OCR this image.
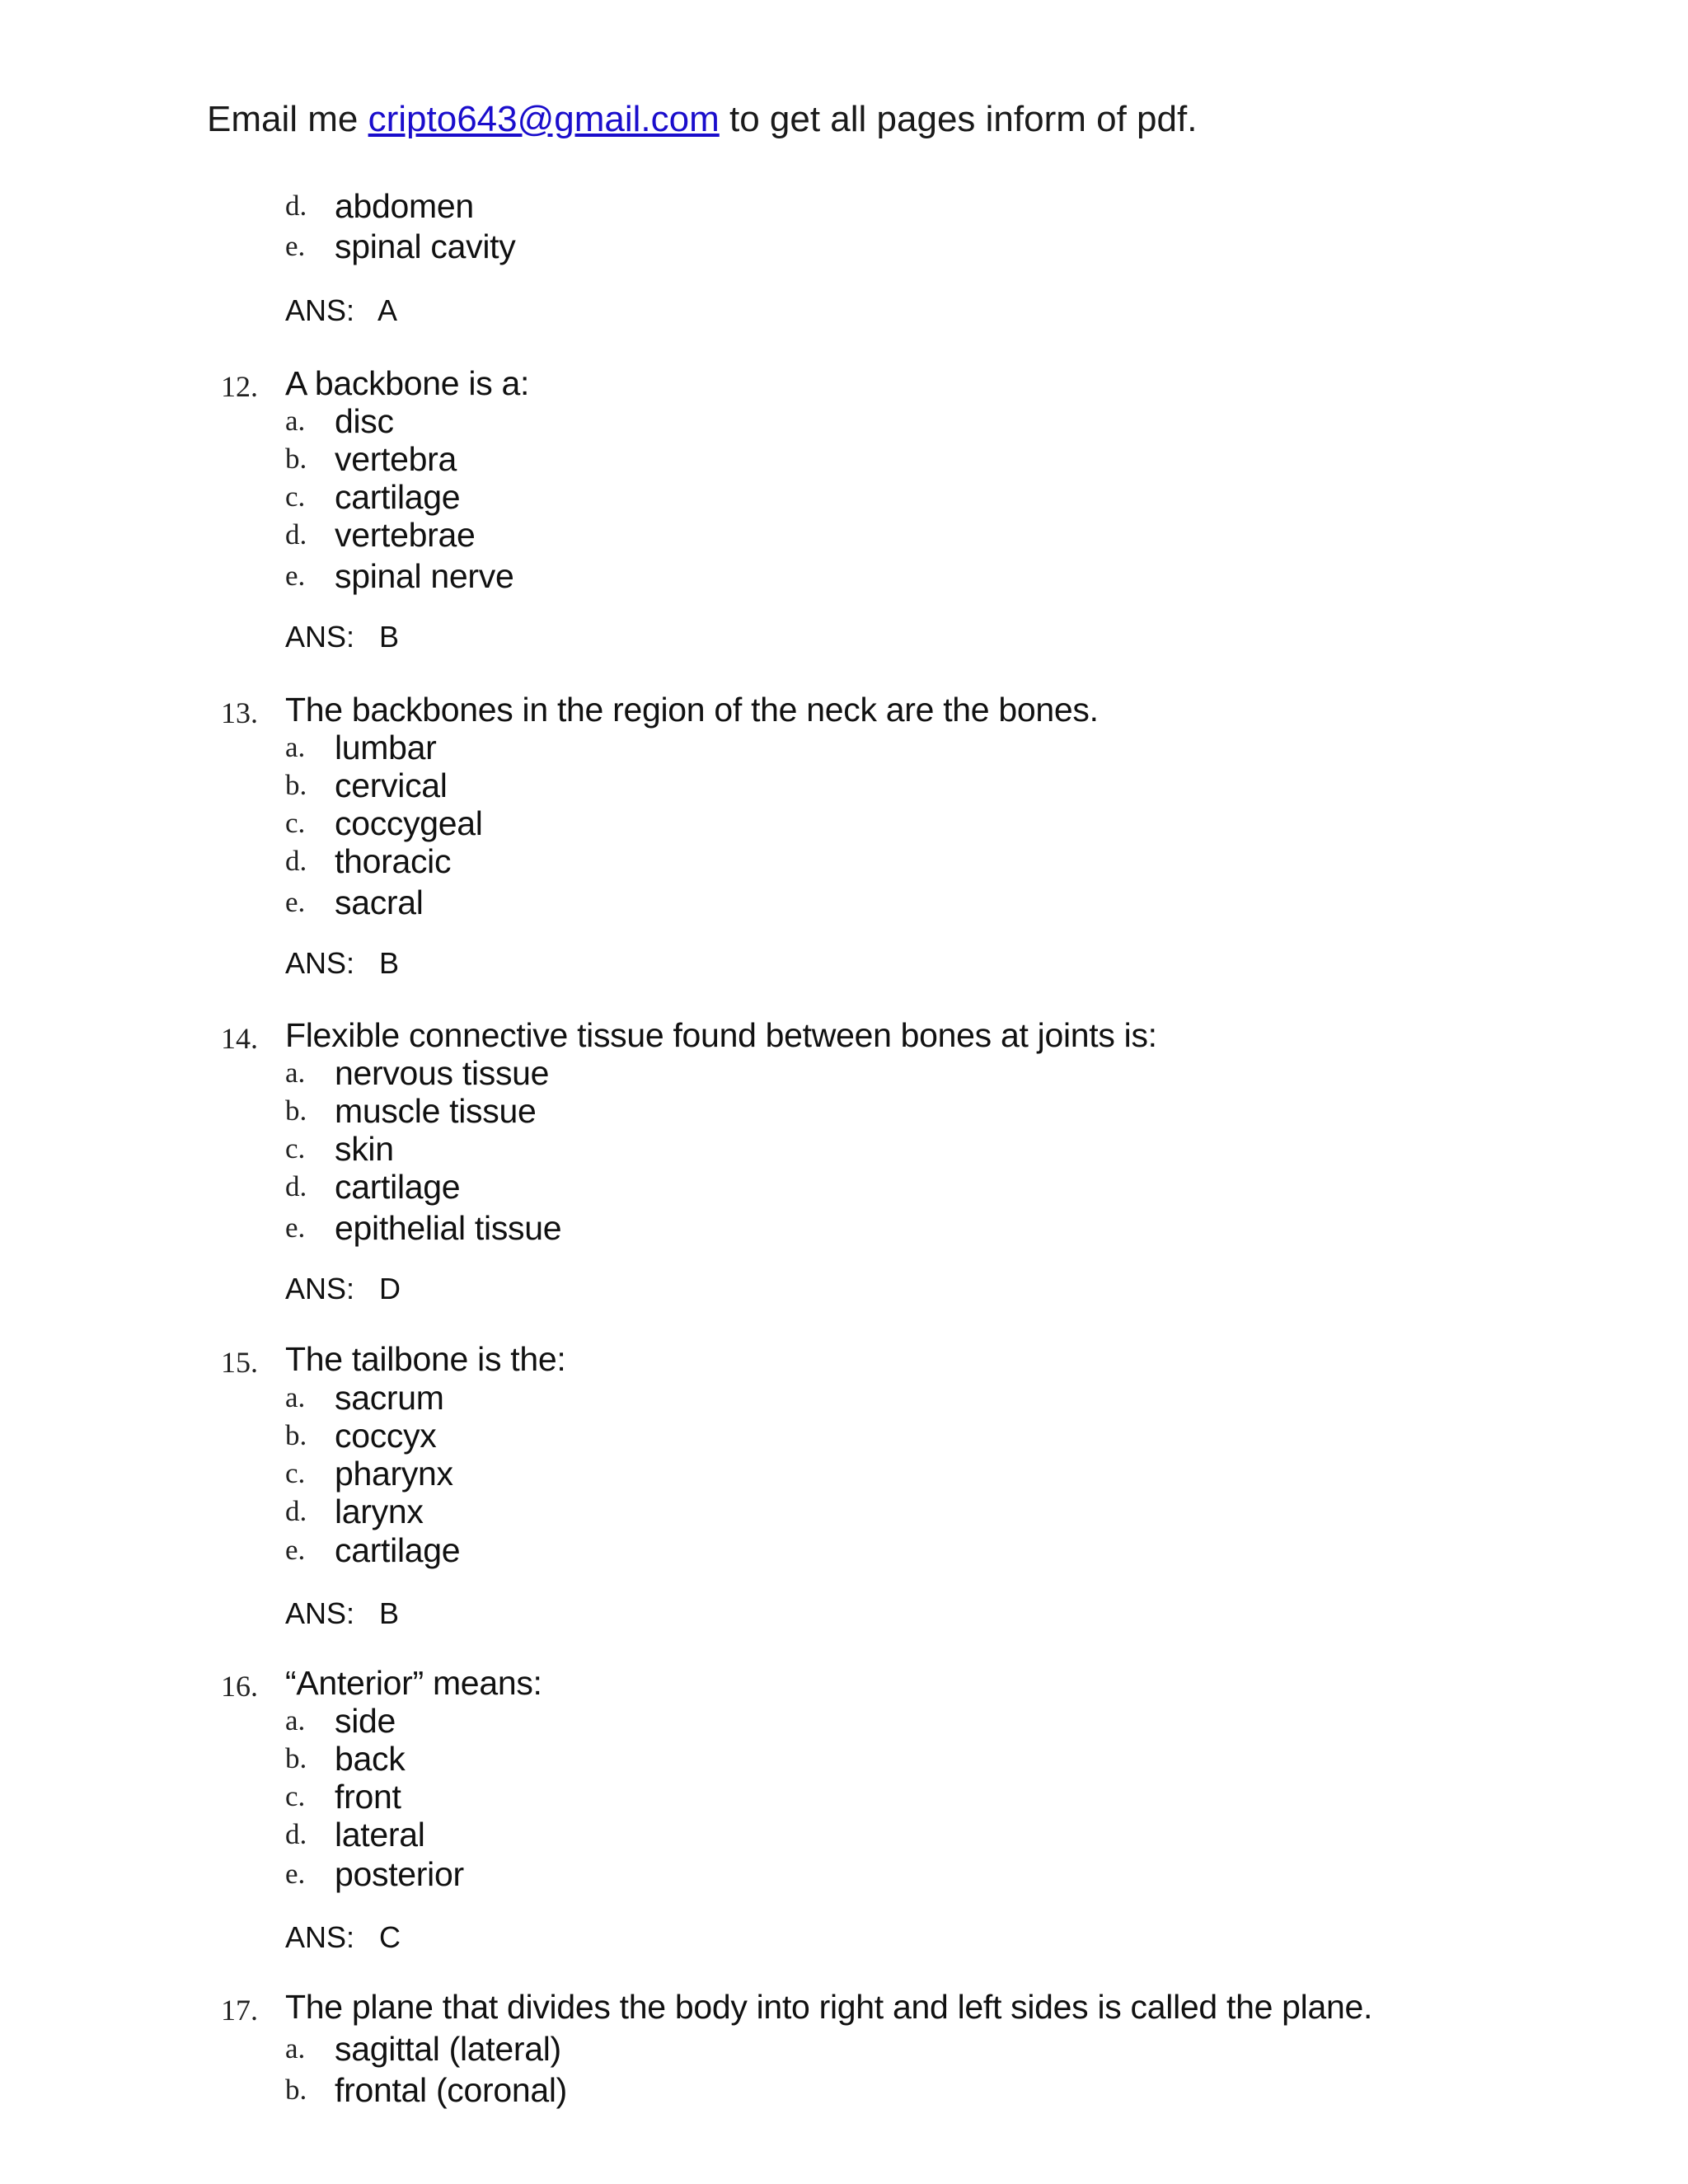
Email me cripto643@gmail.com to get all pages inform of pdf.
d. abdomen
e. spinal cavity
ANS:   A
12. A backbone is a:
a. disc
b. vertebra
c. cartilage
d. vertebrae
e. spinal nerve
ANS:   B
13. The backbones in the region of the neck are the bones.
a. lumbar
b. cervical
c. coccygeal
d. thoracic
e. sacral
ANS:   B
14. Flexible connective tissue found between bones at joints is:
a. nervous tissue
b. muscle tissue
c. skin
d. cartilage
e. epithelial tissue
ANS:   D
15. The tailbone is the:
a. sacrum
b. coccyx
c. pharynx
d. larynx
e. cartilage
ANS:   B
16. “Anterior” means:
a. side
b. back
c. front
d. lateral
e. posterior
ANS:   C
17. The plane that divides the body into right and left sides is called the plane.
a. sagittal (lateral)
b. frontal (coronal)
